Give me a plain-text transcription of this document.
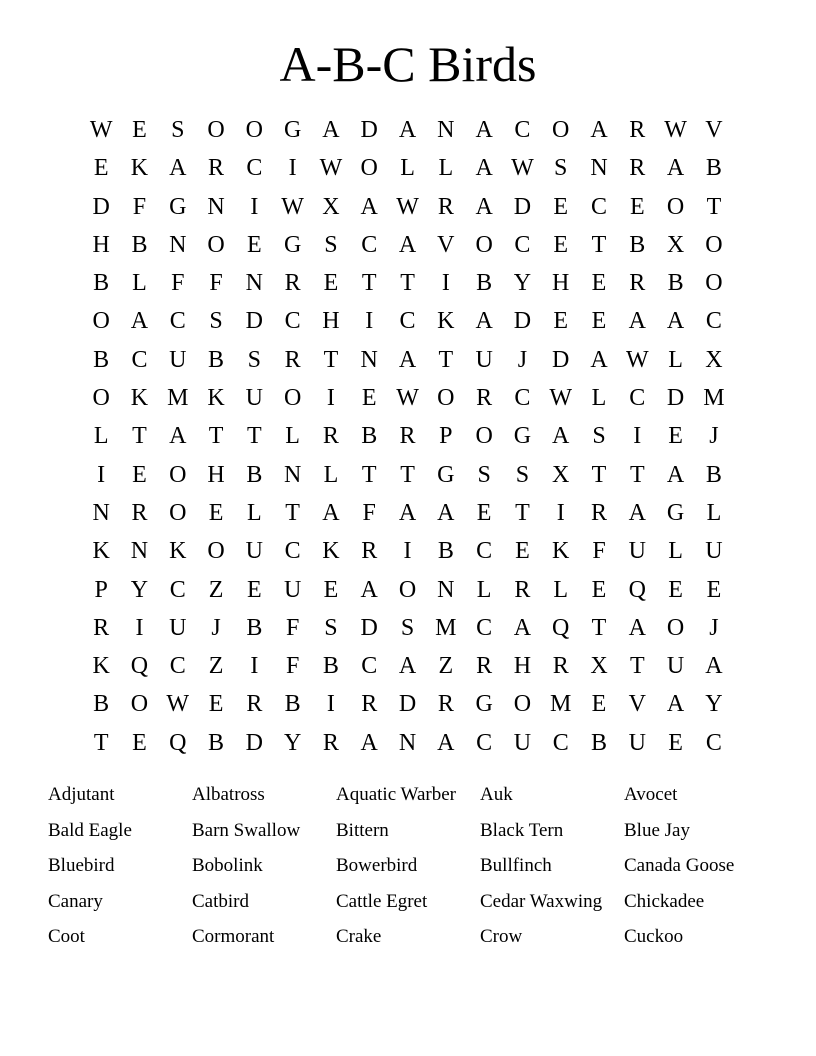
A-B-C Birds
W E	S O O G A D A N A C O A R W V
E K A R C	I W O L L A W S N R A B
D F G N	I W X A W R A D E C E O T
H B N O E G S C A V O C E T B X O
B L	F	F N R E T T	I	B Y H E R B O
O A C S D C H	I	C K A D E E A A C
B C U B S R T N A T U	J	D A W L X
O K M K U O	I	E W O R C W L C D M
L T A T T L R B R P O G A S	I	E	J
I	E O H B N L T T G S	S X T T A B
N R O E L T A F A A E T	I	R A G L
K N K O U C K R	I	B C E K F U L U
P Y C Z E U E A O N L R L E Q E E
R	I	U	J	B F	S D S M C A Q T A O	J
K Q C Z	I	F B C A Z R H R X T U A
B O W E R B	I	R D R G O M E V A Y
T E Q B D Y R A N A C U C B U E C
Adjutant	Albatross	Aquatic Warber	Auk	Avocet
Bald Eagle	Barn Swallow	Bittern	Black Tern	Blue Jay
Bluebird	Bobolink	Bowerbird	Bullfinch	Canada Goose
Canary	Catbird	Cattle Egret	Cedar Waxwing	Chickadee
Coot	Cormorant	Crake	Crow	Cuckoo
